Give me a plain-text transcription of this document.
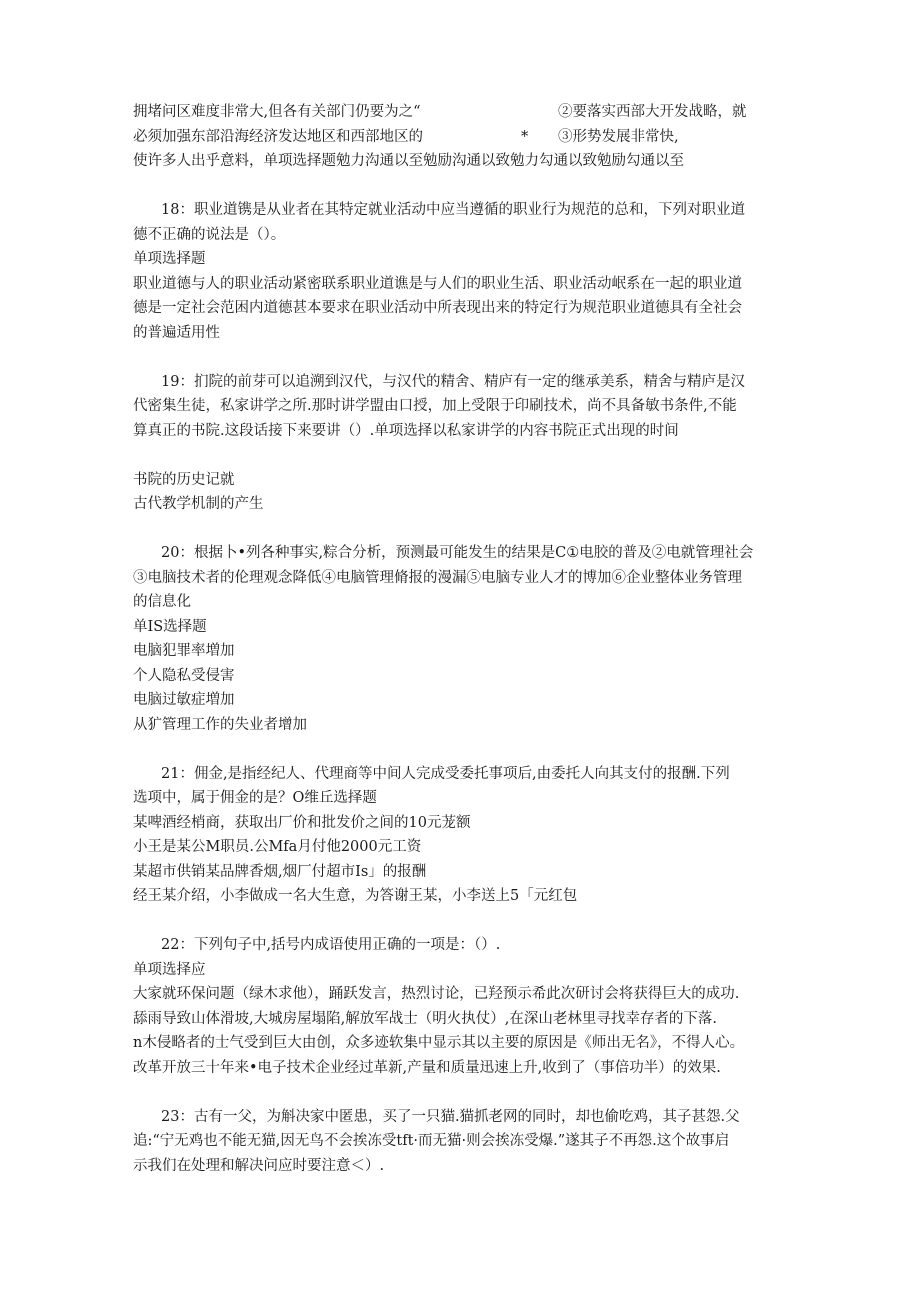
拥堵问区难度非常大,但各有关部门仍要为之“	②要落实西部大开发战略，就
必须加强东部沿海经济发达地区和西部地区的	* ③形势发展非常快,
使许多人出乎意料，单项选择题勉力沟通以至勉励沟通以致勉力勾通以致勉励勾通以至
18：职业道镌是从业者在其特定就业活动中应当遵循的职业行为规范的总和，下列对职业道
德不正确的说法是（）。
单项选择题
职业道德与人的职业活动紧密联系职业道谯是与人们的职业生活、职业活动岷系在一起的职业道
德是一定社会范困内道德甚本要求在职业活动中所表现出来的特定行为规范职业道德具有全社会
的普遍适用性
19：扪院的前芽可以追溯到汉代，与汉代的精舍、精庐有一定的继承美系，精舍与精庐是汉
代密集生徒，私家讲学之所.那时讲学盟由口授，加上受限于印刷技术，尚不具备敏书条件,不能
算真正的书院.这段话接下来要讲（）.单项选择以私家讲学的内容书院正式出现的时间
书院的历史记就
古代教学机制的产生
20：根据卜•列各种事实,粽合分析，预测最可能发生的结果是C①电胶的普及②电就管理社会
③电脑技术者的伦理观念降低④电脑管理脩报的漫漏⑤电脑专业人才的博加⑥企业整体业务管理
的信息化
单IS选择题
电脑犯罪率増加
个人隐私受侵害
电脑过敏症増加
从犷管理工作的失业者增加
21：佣金,是指经纪人、代理商等中间人完成受委托事项后,由委托人向其支付的报酬.下列
选项中，属于佣金的是？O维丘选择题
某啤酒经梢商，获取出厂价和批发价之间的10元茏额
小王是某公M职员.公Mfa月付他2000元工资
某超市供销某品牌香烟,烟厂付超市Is」的报酬
经王某介绍，小李做成一名大生意，为答谢王某，小李送上5「元红包
22：下列句子中,括号内成语使用正确的一项是：（）.
单项选择应
大家就环保问题（绿木求他），踊跃发言，热烈讨论，已羟预示希此次研讨会将获得巨大的成功.
舔雨导致山体滑坡,大城房屋塌陷,解放军战士（明火执仗）,在深山老林里寻找幸存者的下落.
n木侵略者的士气受到巨大由创，众多迹软集中显示其以主要的原因是《师出无名》，不得人心。
改革开放三十年来•电子技术企业经过革新,产量和质量迅速上升,收到了（事倍功半）的效果.
23：古有一父，为斛决家中匿患，买了一只猫.猫抓老网的同时，却也偷吃鸡，其子甚怨.父
追:“宁无鸡也不能无猫,因无鸟不会挨冻受tft·而无猫·则会挨冻受爆.”遂其子不再怨.这个故事启
示我们在处理和解决问应时要注意＜）.
